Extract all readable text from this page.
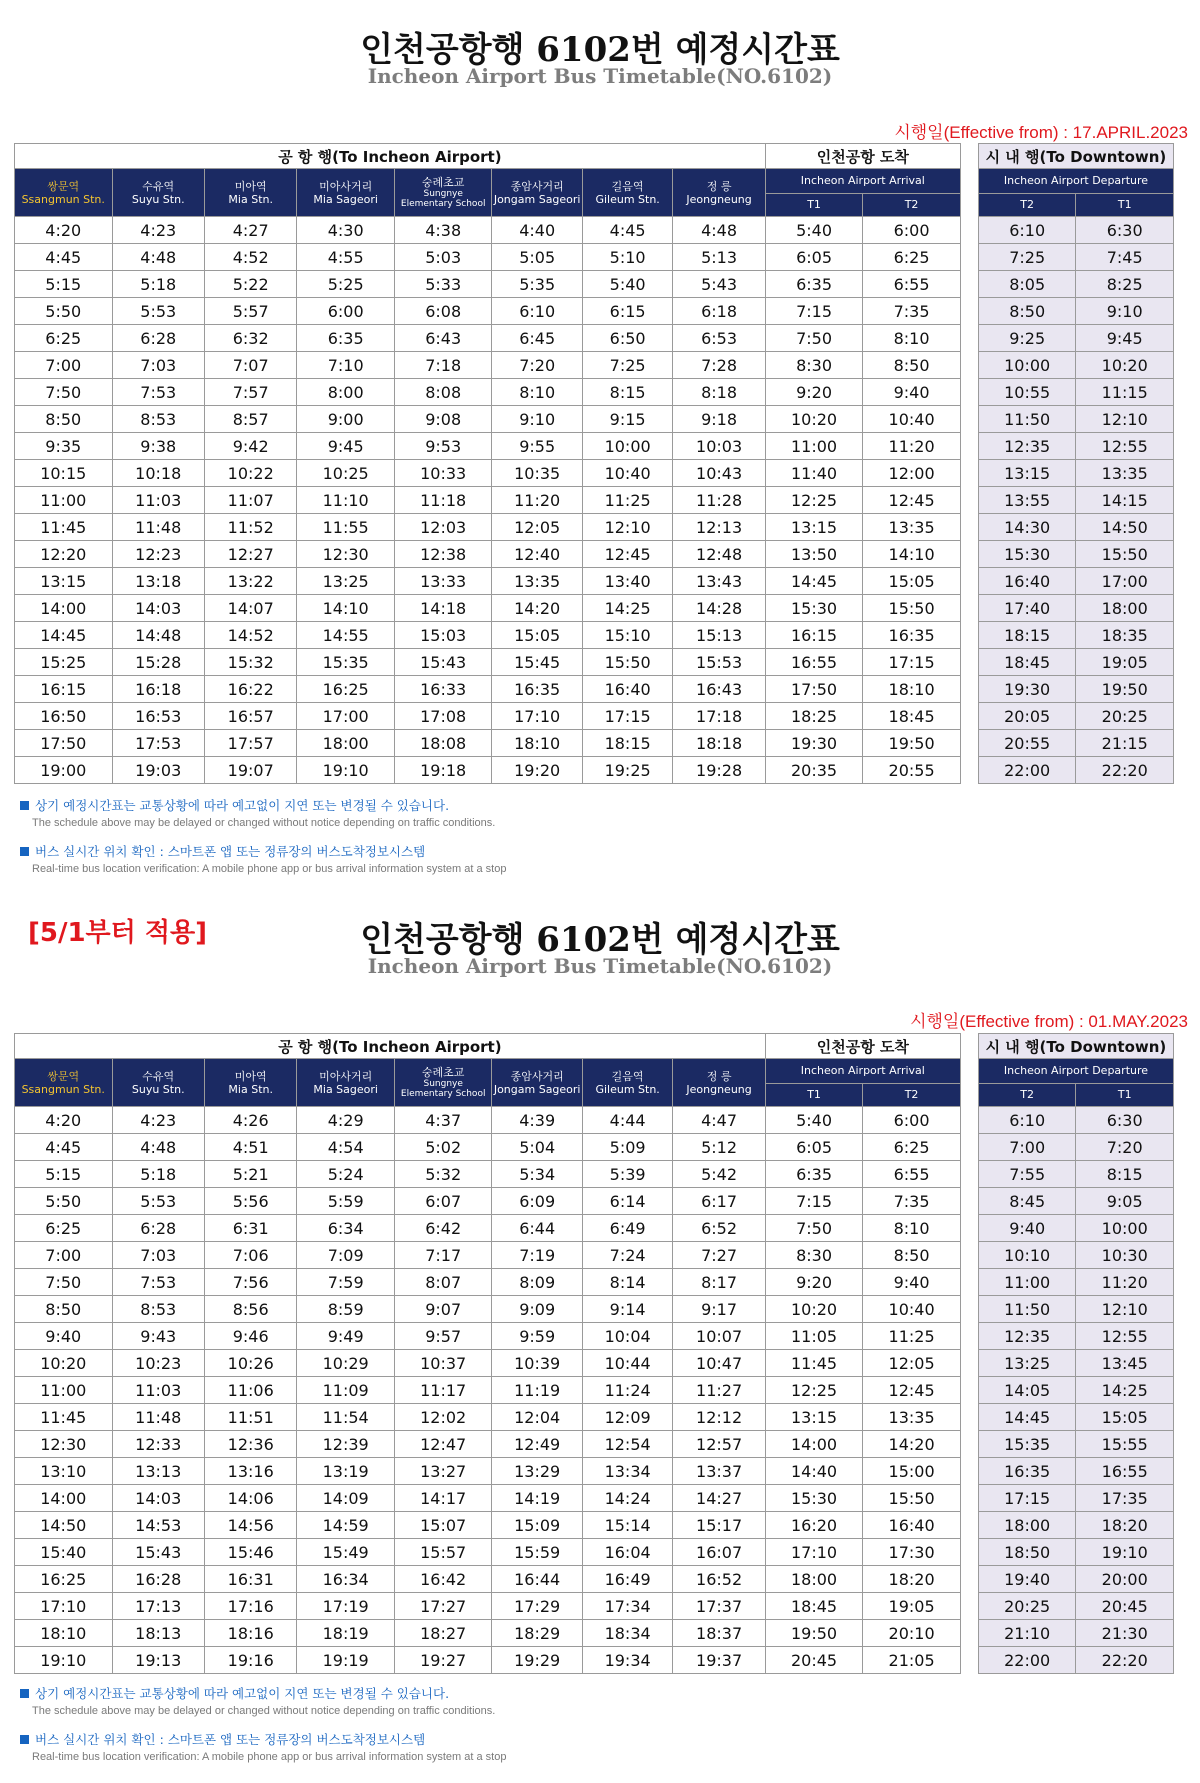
인천공항행 6102번 예정시간표
Incheon Airport Bus Timetable(NO.6102)
시행일(Effective from) : 17.APRIL.2023
공 항 행(To Incheon Airport)								인천공항 도착			시 내 행(To Downtown)	

쌍문역
Ssangmun Stn.	수유역
Suyu Stn.	미아역
Mia Stn.	미아사거리
Mia Sageori	숭례초교
Sungnye
Elementary School	종암사거리
Jongam Sageori	길음역
Gileum Stn.	정 릉
Jeongneung	Incheon Airport Arrival			Incheon Airport Departure	
								T1	T2		T2	T1
4:20	4:23	4:27	4:30	4:38	4:40	4:45	4:48	5:40	6:00		6:10	6:30
4:45	4:48	4:52	4:55	5:03	5:05	5:10	5:13	6:05	6:25		7:25	7:45
5:15	5:18	5:22	5:25	5:33	5:35	5:40	5:43	6:35	6:55		8:05	8:25
5:50	5:53	5:57	6:00	6:08	6:10	6:15	6:18	7:15	7:35		8:50	9:10
6:25	6:28	6:32	6:35	6:43	6:45	6:50	6:53	7:50	8:10		9:25	9:45
7:00	7:03	7:07	7:10	7:18	7:20	7:25	7:28	8:30	8:50		10:00	10:20
7:50	7:53	7:57	8:00	8:08	8:10	8:15	8:18	9:20	9:40		10:55	11:15
8:50	8:53	8:57	9:00	9:08	9:10	9:15	9:18	10:20	10:40		11:50	12:10
9:35	9:38	9:42	9:45	9:53	9:55	10:00	10:03	11:00	11:20		12:35	12:55
10:15	10:18	10:22	10:25	10:33	10:35	10:40	10:43	11:40	12:00		13:15	13:35
11:00	11:03	11:07	11:10	11:18	11:20	11:25	11:28	12:25	12:45		13:55	14:15
11:45	11:48	11:52	11:55	12:03	12:05	12:10	12:13	13:15	13:35		14:30	14:50
12:20	12:23	12:27	12:30	12:38	12:40	12:45	12:48	13:50	14:10		15:30	15:50
13:15	13:18	13:22	13:25	13:33	13:35	13:40	13:43	14:45	15:05		16:40	17:00
14:00	14:03	14:07	14:10	14:18	14:20	14:25	14:28	15:30	15:50		17:40	18:00
14:45	14:48	14:52	14:55	15:03	15:05	15:10	15:13	16:15	16:35		18:15	18:35
15:25	15:28	15:32	15:35	15:43	15:45	15:50	15:53	16:55	17:15		18:45	19:05
16:15	16:18	16:22	16:25	16:33	16:35	16:40	16:43	17:50	18:10		19:30	19:50
16:50	16:53	16:57	17:00	17:08	17:10	17:15	17:18	18:25	18:45		20:05	20:25
17:50	17:53	17:57	18:00	18:08	18:10	18:15	18:18	19:30	19:50		20:55	21:15
19:00	19:03	19:07	19:10	19:18	19:20	19:25	19:28	20:35	20:55		22:00	22:20
상기 예정시간표는 교통상황에 따라 예고없이 지연 또는 변경될 수 있습니다.
The schedule above may be delayed or changed without notice depending on traffic conditions.
버스 실시간 위치 확인 : 스마트폰 앱 또는 정류장의 버스도착정보시스템
Real-time bus location verification: A mobile phone app or bus arrival information system at a stop
[5/1부터 적용]	인천공항행 6102번 예정시간표
Incheon Airport Bus Timetable(NO.6102)
시행일(Effective from) : 01.MAY.2023
공 항 행(To Incheon Airport)								인천공항 도착			시 내 행(To Downtown)	

쌍문역
Ssangmun Stn.	수유역
Suyu Stn.	미아역
Mia Stn.	미아사거리
Mia Sageori	숭례초교
Sungnye
Elementary School	종암사거리
Jongam Sageori	길음역
Gileum Stn.	정 릉
Jeongneung	Incheon Airport Arrival			Incheon Airport Departure	
								T1	T2		T2	T1
4:20	4:23	4:26	4:29	4:37	4:39	4:44	4:47	5:40	6:00		6:10	6:30
4:45	4:48	4:51	4:54	5:02	5:04	5:09	5:12	6:05	6:25		7:00	7:20
5:15	5:18	5:21	5:24	5:32	5:34	5:39	5:42	6:35	6:55		7:55	8:15
5:50	5:53	5:56	5:59	6:07	6:09	6:14	6:17	7:15	7:35		8:45	9:05
6:25	6:28	6:31	6:34	6:42	6:44	6:49	6:52	7:50	8:10		9:40	10:00
7:00	7:03	7:06	7:09	7:17	7:19	7:24	7:27	8:30	8:50		10:10	10:30
7:50	7:53	7:56	7:59	8:07	8:09	8:14	8:17	9:20	9:40		11:00	11:20
8:50	8:53	8:56	8:59	9:07	9:09	9:14	9:17	10:20	10:40		11:50	12:10
9:40	9:43	9:46	9:49	9:57	9:59	10:04	10:07	11:05	11:25		12:35	12:55
10:20	10:23	10:26	10:29	10:37	10:39	10:44	10:47	11:45	12:05		13:25	13:45
11:00	11:03	11:06	11:09	11:17	11:19	11:24	11:27	12:25	12:45		14:05	14:25
11:45	11:48	11:51	11:54	12:02	12:04	12:09	12:12	13:15	13:35		14:45	15:05
12:30	12:33	12:36	12:39	12:47	12:49	12:54	12:57	14:00	14:20		15:35	15:55
13:10	13:13	13:16	13:19	13:27	13:29	13:34	13:37	14:40	15:00		16:35	16:55
14:00	14:03	14:06	14:09	14:17	14:19	14:24	14:27	15:30	15:50		17:15	17:35
14:50	14:53	14:56	14:59	15:07	15:09	15:14	15:17	16:20	16:40		18:00	18:20
15:40	15:43	15:46	15:49	15:57	15:59	16:04	16:07	17:10	17:30		18:50	19:10
16:25	16:28	16:31	16:34	16:42	16:44	16:49	16:52	18:00	18:20		19:40	20:00
17:10	17:13	17:16	17:19	17:27	17:29	17:34	17:37	18:45	19:05		20:25	20:45
18:10	18:13	18:16	18:19	18:27	18:29	18:34	18:37	19:50	20:10		21:10	21:30
19:10	19:13	19:16	19:19	19:27	19:29	19:34	19:37	20:45	21:05		22:00	22:20
상기 예정시간표는 교통상황에 따라 예고없이 지연 또는 변경될 수 있습니다.
The schedule above may be delayed or changed without notice depending on traffic conditions.
버스 실시간 위치 확인 : 스마트폰 앱 또는 정류장의 버스도착정보시스템
Real-time bus location verification: A mobile phone app or bus arrival information system at a stop
